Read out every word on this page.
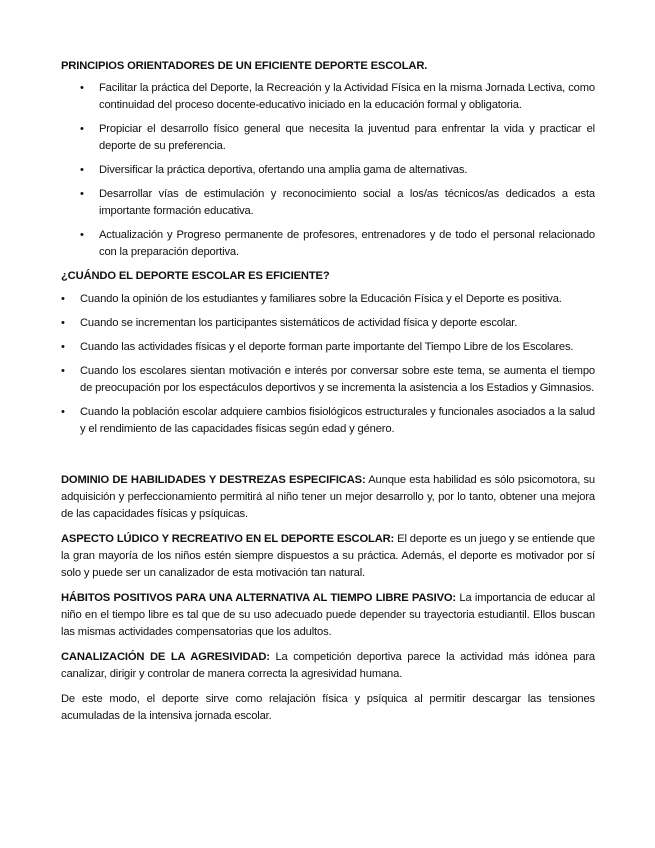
PRINCIPIOS ORIENTADORES DE UN EFICIENTE DEPORTE ESCOLAR.

• Facilitar la práctica del Deporte, la Recreación y la Actividad Física en la misma Jornada Lectiva, como continuidad del proceso docente-educativo iniciado en la educación formal y obligatoria.
• Propiciar el desarrollo físico general que necesita la juventud para enfrentar la vida y practicar el deporte de su preferencia.
• Diversificar la práctica deportiva, ofertando una amplia gama de alternativas.
• Desarrollar vías de estimulación y reconocimiento social a los/as técnicos/as dedicados a esta importante formación educativa.
• Actualización y Progreso permanente de profesores, entrenadores y de todo el personal relacionado con la preparación deportiva.

¿CUÁNDO EL DEPORTE ESCOLAR ES EFICIENTE?

• Cuando la opinión de los estudiantes y familiares sobre la Educación Física y el Deporte es positiva.
• Cuando se incrementan los participantes sistemáticos de actividad física y deporte escolar.
• Cuando las actividades físicas y el deporte forman parte importante del Tiempo Libre de los Escolares.
• Cuando los escolares sientan motivación e interés por conversar sobre este tema, se aumenta el tiempo de preocupación por los espectáculos deportivos y se incrementa la asistencia a los Estadios y Gimnasios.
• Cuando la población escolar adquiere cambios fisiológicos estructurales y funcionales asociados a la salud y el rendimiento de las capacidades físicas según edad y género.

DOMINIO DE HABILIDADES Y DESTREZAS ESPECIFICAS: Aunque esta habilidad es sólo psicomotora, su adquisición y perfeccionamiento permitirá al niño tener un mejor desarrollo y, por lo tanto, obtener una mejora de las capacidades físicas y psíquicas.

ASPECTO LÚDICO Y RECREATIVO EN EL DEPORTE ESCOLAR: El deporte es un juego y se entiende que la gran mayoría de los niños estén siempre dispuestos a su práctica. Además, el deporte es motivador por sí solo y puede ser un canalizador de esta motivación tan natural.

HÁBITOS POSITIVOS PARA UNA ALTERNATIVA AL TIEMPO LIBRE PASIVO: La importancia de educar al niño en el tiempo libre es tal que de su uso adecuado puede depender su trayectoria estudiantil. Ellos buscan las mismas actividades compensatorias que los adultos.

CANALIZACIÓN DE LA AGRESIVIDAD: La competición deportiva parece la actividad más idónea para canalizar, dirigir y controlar de manera correcta la agresividad humana.

De este modo, el deporte sirve como relajación física y psíquica al permitir descargar las tensiones acumuladas de la intensiva jornada escolar.
